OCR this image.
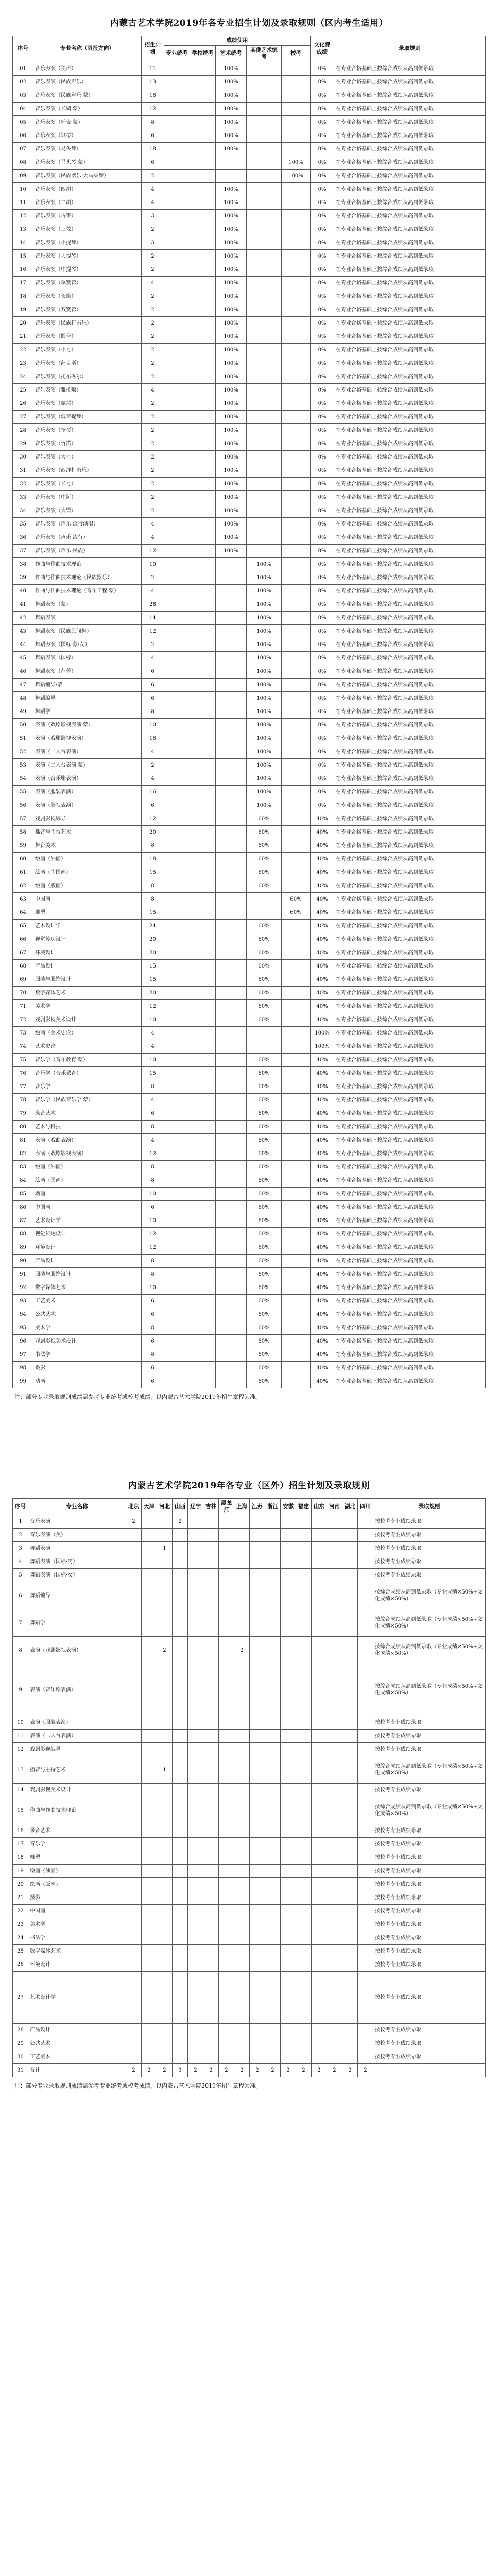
内蒙古艺术学院2019年各专业招生计划及录取规则（区内考生适用）
序号	专业名称（限报方向）	招生计划	成绩使用					文化课成绩	录取规则
			专业统考	学校统考	艺术统考	其他艺术统考	校考		
01	音乐表演（美声）	11			100%			0%	在专业合格基础上按综合成绩从高到低录取
02	音乐表演（民族声乐）	13			100%			0%	在专业合格基础上按综合成绩从高到低录取
03	音乐表演（民族声乐·蒙）	16			100%			0%	在专业合格基础上按综合成绩从高到低录取
04	音乐表演（长调·蒙）	12			100%			0%	在专业合格基础上按综合成绩从高到低录取
05	音乐表演（呼麦·蒙）	8			100%			0%	在专业合格基础上按综合成绩从高到低录取
06	音乐表演（钢琴）	6			100%			0%	在专业合格基础上按综合成绩从高到低录取
07	音乐表演（马头琴）	18			100%			0%	在专业合格基础上按综合成绩从高到低录取
08	音乐表演（马头琴·蒙）	6					100%	0%	在专业合格基础上按综合成绩从高到低录取
09	音乐表演（民族器乐·大马头琴）	2					100%	0%	在专业合格基础上按综合成绩从高到低录取
10	音乐表演（四胡）	4			100%			0%	在专业合格基础上按综合成绩从高到低录取
11	音乐表演（二胡）	4			100%			0%	在专业合格基础上按综合成绩从高到低录取
12	音乐表演（古筝）	3			100%			0%	在专业合格基础上按综合成绩从高到低录取
13	音乐表演（三弦）	2			100%			0%	在专业合格基础上按综合成绩从高到低录取
14	音乐表演（小提琴）	3			100%			0%	在专业合格基础上按综合成绩从高到低录取
15	音乐表演（大提琴）	2			100%			0%	在专业合格基础上按综合成绩从高到低录取
16	音乐表演（中提琴）	2			100%			0%	在专业合格基础上按综合成绩从高到低录取
17	音乐表演（单簧管）	4			100%			0%	在专业合格基础上按综合成绩从高到低录取
18	音乐表演（长笛）	2			100%			0%	在专业合格基础上按综合成绩从高到低录取
19	音乐表演（双簧管）	2			100%			0%	在专业合格基础上按综合成绩从高到低录取
20	音乐表演（民族打击乐）	2			100%			0%	在专业合格基础上按综合成绩从高到低录取
21	音乐表演（圆号）	2			100%			0%	在专业合格基础上按综合成绩从高到低录取
22	音乐表演（小号）	2			100%			0%	在专业合格基础上按综合成绩从高到低录取
23	音乐表演（萨克斯）	2			100%			0%	在专业合格基础上按综合成绩从高到低录取
24	音乐表演（托布秀尔）	2			100%			0%	在专业合格基础上按综合成绩从高到低录取
25	音乐表演（雅托噶）	4			100%			0%	在专业合格基础上按综合成绩从高到低录取
26	音乐表演（琵琶）	2			100%			0%	在专业合格基础上按综合成绩从高到低录取
27	音乐表演（低音提琴）	2			100%			0%	在专业合格基础上按综合成绩从高到低录取
28	音乐表演（扬琴）	2			100%			0%	在专业合格基础上按综合成绩从高到低录取
29	音乐表演（竹笛）	2			100%			0%	在专业合格基础上按综合成绩从高到低录取
30	音乐表演（大号）	2			100%			0%	在专业合格基础上按综合成绩从高到低录取
31	音乐表演（西洋打击乐）	2			100%			0%	在专业合格基础上按综合成绩从高到低录取
32	音乐表演（长号）	2			100%			0%	在专业合格基础上按综合成绩从高到低录取
33	音乐表演（中阮）	2			100%			0%	在专业合格基础上按综合成绩从高到低录取
34	音乐表演（大管）	2			100%			0%	在专业合格基础上按综合成绩从高到低录取
35	音乐表演（声乐·流行演唱）	4			100%			0%	在专业合格基础上按综合成绩从高到低录取
36	音乐表演（声乐·流行）	4			100%			0%	在专业合格基础上按综合成绩从高到低录取
37	音乐表演（声乐·民族）	12			100%			0%	在专业合格基础上按综合成绩从高到低录取
38	作曲与作曲技术理论	10				100%		0%	在专业合格基础上按综合成绩从高到低录取
39	作曲与作曲技术理论（民族器乐）	2				100%		0%	在专业合格基础上按综合成绩从高到低录取
40	作曲与作曲技术理论（音乐工程·蒙）	4				100%		0%	在专业合格基础上按综合成绩从高到低录取
41	舞蹈表演（蒙）	28				100%		0%	在专业合格基础上按综合成绩从高到低录取
42	舞蹈表演	14				100%		0%	在专业合格基础上按综合成绩从高到低录取
43	舞蹈表演（民族民间舞）	12				100%		0%	在专业合格基础上按综合成绩从高到低录取
44	舞蹈表演（国标·蒙·女）	2				100%		0%	在专业合格基础上按综合成绩从高到低录取
45	舞蹈表演（国标）	4				100%		0%	在专业合格基础上按综合成绩从高到低录取
46	舞蹈表演（芭蕾）	6				100%		0%	在专业合格基础上按综合成绩从高到低录取
47	舞蹈编导·蒙	6				100%		0%	在专业合格基础上按综合成绩从高到低录取
48	舞蹈编导	6				100%		0%	在专业合格基础上按综合成绩从高到低录取
49	舞蹈学	8				100%		0%	在专业合格基础上按综合成绩从高到低录取
50	表演（戏剧影视表演·蒙）	10				100%		0%	在专业合格基础上按综合成绩从高到低录取
51	表演（戏剧影视表演）	16				100%		0%	在专业合格基础上按综合成绩从高到低录取
52	表演（二人台表演）	4				100%		0%	在专业合格基础上按综合成绩从高到低录取
53	表演（二人台表演·蒙）	2				100%		0%	在专业合格基础上按综合成绩从高到低录取
54	表演（音乐剧表演）	4				100%		0%	在专业合格基础上按综合成绩从高到低录取
55	表演（服装表演）	16				100%		0%	在专业合格基础上按综合成绩从高到低录取
56	表演（影视表演）	6				100%		0%	在专业合格基础上按综合成绩从高到低录取
57	戏剧影视编导	12				60%		40%	在专业合格基础上按综合成绩从高到低录取
58	播音与主持艺术	20				60%		40%	在专业合格基础上按综合成绩从高到低录取
59	舞台美术	8				60%		40%	在专业合格基础上按综合成绩从高到低录取
60	绘画（油画）	18				60%		40%	在专业合格基础上按综合成绩从高到低录取
61	绘画（中国画）	15				60%		40%	在专业合格基础上按综合成绩从高到低录取
62	绘画（版画）	8				60%		40%	在专业合格基础上按综合成绩从高到低录取
63	中国画	8					60%	40%	在专业合格基础上按综合成绩从高到低录取
64	雕塑	15					60%	40%	在专业合格基础上按综合成绩从高到低录取
65	艺术设计学	24				60%		40%	在专业合格基础上按综合成绩从高到低录取
66	视觉传达设计	20				60%		40%	在专业合格基础上按综合成绩从高到低录取
67	环境设计	20				60%		40%	在专业合格基础上按综合成绩从高到低录取
68	产品设计	15				60%		40%	在专业合格基础上按综合成绩从高到低录取
69	服装与服饰设计	15				60%		40%	在专业合格基础上按综合成绩从高到低录取
70	数字媒体艺术	20				60%		40%	在专业合格基础上按综合成绩从高到低录取
71	美术学	12				60%		40%	在专业合格基础上按综合成绩从高到低录取
72	戏剧影视美术设计	10				60%		40%	在专业合格基础上按综合成绩从高到低录取
73	绘画（美术史论）	4						100%	在专业合格基础上按综合成绩从高到低录取
74	艺术史论	4						100%	在专业合格基础上按综合成绩从高到低录取
75	音乐学（音乐教育·蒙）	10				60%		40%	在专业合格基础上按综合成绩从高到低录取
76	音乐学（音乐教育）	15				60%		40%	在专业合格基础上按综合成绩从高到低录取
77	音乐学	8				60%		40%	在专业合格基础上按综合成绩从高到低录取
78	音乐学（民族音乐学·蒙）	4				60%		40%	在专业合格基础上按综合成绩从高到低录取
79	录音艺术	6				60%		40%	在专业合格基础上按综合成绩从高到低录取
80	艺术与科技	8				60%		40%	在专业合格基础上按综合成绩从高到低录取
81	表演（戏曲表演）	4				60%		40%	在专业合格基础上按综合成绩从高到低录取
82	表演（戏剧影视表演）	12				60%		40%	在专业合格基础上按综合成绩从高到低录取
83	绘画（油画）	8				60%		40%	在专业合格基础上按综合成绩从高到低录取
84	绘画（国画）	8				60%		40%	在专业合格基础上按综合成绩从高到低录取
85	动画	10				60%		40%	在专业合格基础上按综合成绩从高到低录取
86	中国画	6				60%		40%	在专业合格基础上按综合成绩从高到低录取
87	艺术设计学	10				60%		40%	在专业合格基础上按综合成绩从高到低录取
88	视觉传达设计	12				60%		40%	在专业合格基础上按综合成绩从高到低录取
89	环境设计	12				60%		40%	在专业合格基础上按综合成绩从高到低录取
90	产品设计	8				60%		40%	在专业合格基础上按综合成绩从高到低录取
91	服装与服饰设计	8				60%		40%	在专业合格基础上按综合成绩从高到低录取
92	数字媒体艺术	10				60%		40%	在专业合格基础上按综合成绩从高到低录取
93	工艺美术	6				60%		40%	在专业合格基础上按综合成绩从高到低录取
94	公共艺术	6				60%		40%	在专业合格基础上按综合成绩从高到低录取
95	美术学	8				60%		40%	在专业合格基础上按综合成绩从高到低录取
96	戏剧影视美术设计	6				60%		40%	在专业合格基础上按综合成绩从高到低录取
97	书法学	8				60%		40%	在专业合格基础上按综合成绩从高到低录取
98	摄影	6				60%		40%	在专业合格基础上按综合成绩从高到低录取
99	动画	6				60%		40%	在专业合格基础上按综合成绩从高到低录取
注：部分专业录取规则成绩需参考专业统考或校考成绩，以内蒙古艺术学院2019年招生章程为准。
内蒙古艺术学院2019年各专业（区外）招生计划及录取规则
序号	专业名称	北京	天津	河北	山西	辽宁	吉林	黑龙江	上海	江苏	浙江	安徽	福建	山东	河南	湖北	四川	录取规则
1	音乐表演	2			2													按校考专业成绩录取
2	音乐表演（美）						1											按校考专业成绩录取
3	舞蹈表演			1														按校考专业成绩录取
4	舞蹈表演（国标·男）																	按校考专业成绩录取
5	舞蹈表演（国标·女）																	按校考专业成绩录取
6	舞蹈编导																	按综合成绩从高到低录取（专业成绩×50%+文化成绩×50%）
7	舞蹈学																	按综合成绩从高到低录取（专业成绩×50%+文化成绩×50%）
8	表演（戏剧影视表演）			2					2									按综合成绩从高到低录取（专业成绩×50%+文化成绩×50%）
9	表演（音乐剧表演）																	按综合成绩从高到低录取（专业成绩×50%+文化成绩×50%）
10	表演（服装表演）																	按校考专业成绩录取
11	表演（二人台表演）																	按校考专业成绩录取
12	戏剧影视编导																	按校考专业成绩录取
13	播音与主持艺术			1														按综合成绩从高到低录取（专业成绩×50%+文化成绩×50%）
14	戏剧影视美术设计																	按校考专业成绩录取
15	作曲与作曲技术理论																	按综合成绩从高到低录取（专业成绩×50%+文化成绩×50%）
16	录音艺术																	按校考专业成绩录取
17	音乐学																	按校考专业成绩录取
18	雕塑																	按校考专业成绩录取
19	绘画（油画）																	按校考专业成绩录取
20	绘画（版画）																	按校考专业成绩录取
21	摄影																	按校考专业成绩录取
22	中国画																	按校考专业成绩录取
23	美术学																	按校考专业成绩录取
24	书法学																	按校考专业成绩录取
25	数字媒体艺术																	按校考专业成绩录取
26	环境设计																	按校考专业成绩录取
27	艺术设计学																	按校考专业成绩录取
28	产品设计																	按校考专业成绩录取
29	公共艺术																	按校考专业成绩录取
30	工艺美术																	按校考专业成绩录取
31	合计	2	2	2	3	2	2	2	2	2	2	2	2	2	2	2	2	
注：部分专业录取规则成绩需参考专业统考或校考成绩，以内蒙古艺术学院2019年招生章程为准。
